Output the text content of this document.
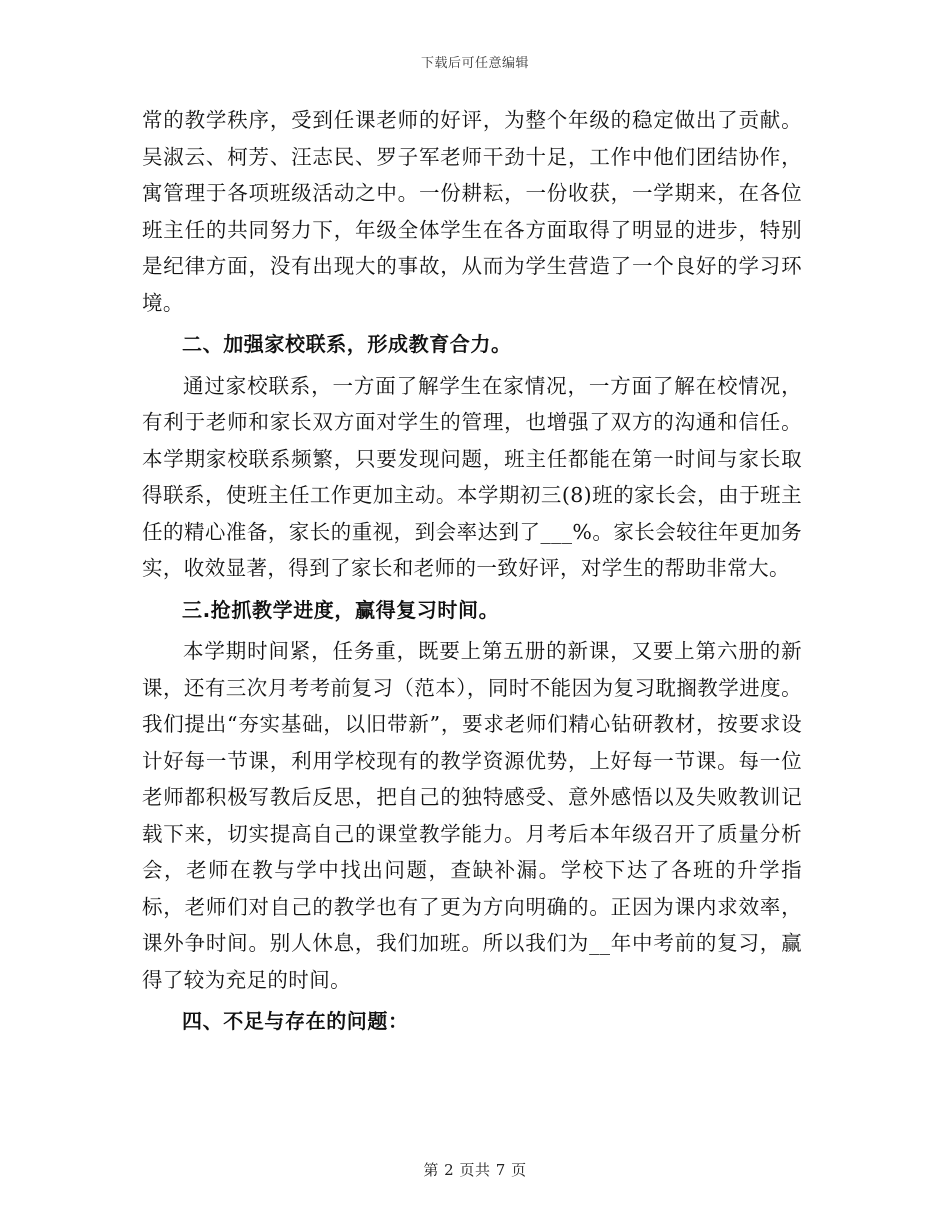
下载后可任意编辑

常的教学秩序，受到任课老师的好评，为整个年级的稳定做出了贡献。吴淑云、柯芳、汪志民、罗子军老师干劲十足，工作中他们团结协作，寓管理于各项班级活动之中。一份耕耘，一份收获，一学期来，在各位班主任的共同努力下，年级全体学生在各方面取得了明显的进步，特别是纪律方面，没有出现大的事故，从而为学生营造了一个良好的学习环境。

二、加强家校联系，形成教育合力。

通过家校联系，一方面了解学生在家情况，一方面了解在校情况，有利于老师和家长双方面对学生的管理，也增强了双方的沟通和信任。本学期家校联系频繁，只要发现问题，班主任都能在第一时间与家长取得联系，使班主任工作更加主动。本学期初三(8)班的家长会，由于班主任的精心准备，家长的重视，到会率达到了___%。家长会较往年更加务实，收效显著，得到了家长和老师的一致好评，对学生的帮助非常大。

三.抢抓教学进度，赢得复习时间。

本学期时间紧，任务重，既要上第五册的新课，又要上第六册的新课，还有三次月考考前复习（范本），同时不能因为复习耽搁教学进度。我们提出“夯实基础，以旧带新”，要求老师们精心钻研教材，按要求设计好每一节课，利用学校现有的教学资源优势，上好每一节课。每一位老师都积极写教后反思，把自己的独特感受、意外感悟以及失败教训记载下来，切实提高自己的课堂教学能力。月考后本年级召开了质量分析会，老师在教与学中找出问题，查缺补漏。学校下达了各班的升学指标，老师们对自己的教学也有了更为方向明确的。正因为课内求效率，课外争时间。别人休息，我们加班。所以我们为__年中考前的复习，赢得了较为充足的时间。

四、不足与存在的问题：

第 2 页共 7 页
